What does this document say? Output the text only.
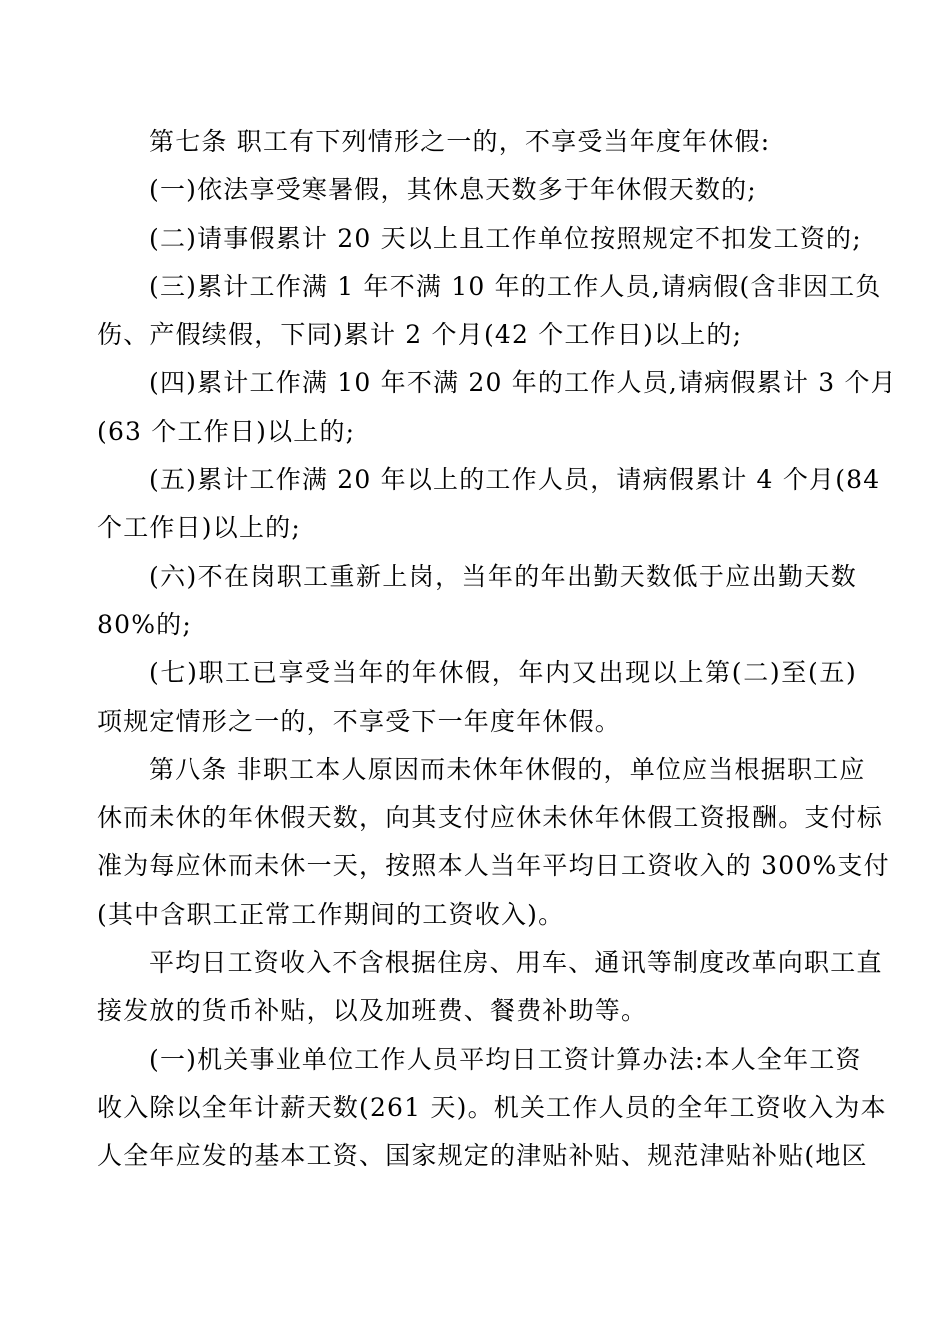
第七条 职工有下列情形之一的，不享受当年度年休假:
(一)依法享受寒暑假，其休息天数多于年休假天数的;
(二)请事假累计 20 天以上且工作单位按照规定不扣发工资的;
(三)累计工作满 1 年不满 10 年的工作人员,请病假(含非因工负
伤、产假续假，下同)累计 2 个月(42 个工作日)以上的;
(四)累计工作满 10 年不满 20 年的工作人员,请病假累计 3 个月
(63 个工作日)以上的;
(五)累计工作满 20 年以上的工作人员，请病假累计 4 个月(84
个工作日)以上的;
(六)不在岗职工重新上岗，当年的年出勤天数低于应出勤天数
80%的;
(七)职工已享受当年的年休假，年内又出现以上第(二)至(五)
项规定情形之一的，不享受下一年度年休假。
第八条 非职工本人原因而未休年休假的，单位应当根据职工应
休而未休的年休假天数，向其支付应休未休年休假工资报酬。支付标
准为每应休而未休一天，按照本人当年平均日工资收入的 300%支付
(其中含职工正常工作期间的工资收入)。
平均日工资收入不含根据住房、用车、通讯等制度改革向职工直
接发放的货币补贴，以及加班费、餐费补助等。
(一)机关事业单位工作人员平均日工资计算办法:本人全年工资
收入除以全年计薪天数(261 天)。机关工作人员的全年工资收入为本
人全年应发的基本工资、国家规定的津贴补贴、规范津贴补贴(地区
